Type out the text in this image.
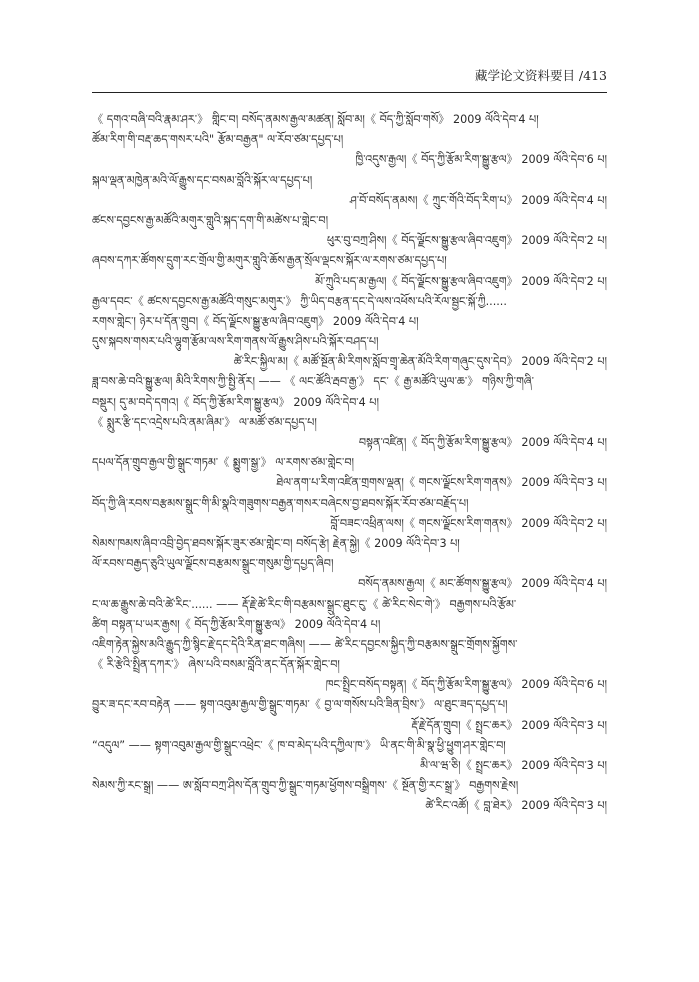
藏学论文资料要目 /413
《 དགའ་བཞི་བའི་རྣམ་ཤར་》 གླིང་བ། བསོད་ནམས་རྒྱལ་མཚན། སློབ་མ།《 བོད་ཀྱི་སློབ་གསོ》 2009 ལོའི་དེབ་4 པ།
ཚོམ་རིག་གི་བརྡ་ཆད་གསར་པའི" རྩོམ་བརྒྱན" ལ་རོབ་ཙམ་དཔྱད་པ།
ཁྱི་འདུས་རྒྱལ།《 བོད་ཀྱི་རྩོམ་རིག་སྒྱུ་རྩལ》 2009 ལོའི་དེབ་6 པ།
སྐལ་ལྡན་མཁྱེན་མའི་ལོ་རྒྱུས་དང་བསམ་བློའི་སྐོར་ལ་དཔྱད་པ།
ཤ་བོ་བསོད་ནམས།《 ཀྲུང་གོའི་བོད་རིག་པ》 2009 ལོའི་དེབ་4 པ།
ཚངས་དབྱངས་རྒྱ་མཚོའི་མགུར་གླུའི་སྐད་དག་གི་མཚེས་པ་གླེང་བ།
ཕུར་བུ་བཀྲ་ཤིས།《 བོད་ལྗོངས་སྒྱུ་རྩལ་ཞིབ་འཇུག》 2009 ལོའི་དེབ་2 པ།
ཞབས་དཀར་ཚོགས་དྲུག་རང་གྲོལ་གྱི་མགུར་གླུའི་ཆོས་རྒྱན་སྲོལ་ལྡངས་སྐོར་ལ་རགས་ཙམ་དཔྱད་པ།
མོ་ཀྲུའི་པད་མ་རྒྱལ།《 བོད་ལྗོངས་སྒྱུ་རྩལ་ཞིབ་འཇུག》 2009 ལོའི་དེབ་2 པ།
རྒྱལ་དབང་《 ཚངས་དབྱངས་རྒྱ་མཚོའི་གསུང་མགུར་》 ཀྱི་ཡིད་བརྩན་དང་དེ་ལས་འཕོས་པའི་རོལ་སྦྱང་སྐོ་ཀྱི......
རགས་གླེང་། ཉེར་པ་དོན་གྲུབ།《 བོད་ལྗོངས་སྒྱུ་རྩལ་ཞིབ་འཇུག》 2009 ལོའི་དེབ་4 པ།
དུས་སྐབས་གསར་པའི་ལྷུག་རྩོམ་ལས་རིག་གནས་ལོ་རྒྱུས་ཤིས་པའི་སྐོར་བཤད་པ།
ཚེ་རིང་སྐྱིལ་མ།《 མཚོ་སྔོན་མི་རིགས་སློབ་གྲྭ་ཆེན་མོའི་རིག་གཞུང་དུས་དེབ》 2009 ལོའི་དེབ་2 པ།
ཟླ་བས་ཆེ་བའི་སྒྱུ་རྩལ། མིའི་རིགས་ཀྱི་སྤྱི་ནོར། —— 《 ལང་ཚོའི་རྦབ་རྒྱ་》 དང་《 རྒྱ་མཚོའི་ཡུལ་ཆ་》 གཉིས་ཀྱི་གཞི་
བསྡུར། དུ་མ་བདེ་དགའ།《 བོད་ཀྱི་རྩོམ་རིག་སྒྱུ་རྩལ》 2009 ལོའི་དེབ་4 པ།
《 སྨུར་རྩི་དང་འདྲེས་པའི་ནམ་ཞིམ་》 ལ་མཚོ་ཙམ་དཔྱད་པ།
བསྟན་འཛིན།《 བོད་ཀྱི་རྩོམ་རིག་སྒྱུ་རྩལ》 2009 ལོའི་དེབ་4 པ།
དཔལ་དོན་གྲུབ་རྒྱལ་གྱི་སྒྲུང་གཏམ་《 སྨྱུག་སྒྱ་》 ལ་རགས་ཙམ་གླེང་བ།
ཐེལ་ནག་པ་རིག་འཛིན་གྲགས་ལྡན།《 གངས་ལྗོངས་རིག་གནས》 2009 ལོའི་དེབ་3 པ།
བོད་ཀྱི་ཞི་རབས་བརྩམས་སྒྲུང་གི་མི་སྣའི་གཟུགས་བརྒྱན་གསར་བཞེངས་བྱ་ཐབས་སྐོར་རོབ་ཙམ་བརྗོད་པ།
བློ་བཟང་འཕྲིན་ལས།《 གངས་ལྗོངས་རིག་གནས》 2009 ལོའི་དེབ་2 པ།
སེམས་ཁམས་ཞིབ་འབྲི་བྱེད་ཐབས་སྐོར་ཟུར་ཙམ་གླེང་བ། བསོད་རྩེ། རྗེན་སྐྱེ།《 2009 ལོའི་དེབ་3 པ།
ལོ་རབས་བརྒྱད་ཅུའི་ཡུལ་ལྗོངས་བརྩམས་སྒྲུང་གསུམ་གྱི་དཔྱད་ཞིབ།
བསོད་ནམས་རྒྱལ།《 མང་ཚོགས་སྒྱུ་རྩལ》 2009 ལོའི་དེབ་4 པ།
ང་ལ་ཆ་རྒྱུས་ཆེ་བའི་ཚེ་རིང་...... —— རྡོ་རྗེ་ཚེ་རིང་གི་བརྩམས་སྒྲུང་ཐུང་ངུ་《 ཚེ་རིང་སེང་གེ་》 བརྒྱགས་པའི་རྩོམ་
ཚིག བསྟན་པ་ཡར་རྒྱས།《 བོད་ཀྱི་རྩོམ་རིག་སྒྱུ་རྩལ》 2009 ལོའི་དེབ་4 པ།
འཇིག་རྟེན་སྐྱེས་མའི་རྒྱུད་ཀྱི་སྙིང་རྗེ་དང་དེའི་རིན་ཐང་གཞིས། —— ཚེ་རིང་དབྱངས་སྐྱིད་ཀྱི་བརྩམས་སྒྲུང་གྲོགས་སྐྱོགས་
《 རི་རྩེའི་སྤྲིན་དཀར་》 ཞེས་པའི་བསམ་བློའི་ནང་དོན་སྐོར་གླེང་བ།
ཁང་སྤྲིང་བསོད་བསྟན།《 བོད་ཀྱི་རྩོམ་རིག་སྒྱུ་རྩལ》 2009 ལོའི་དེབ་6 པ།
བྱུར་ཟ་དང་རབ་བརྟེན —— སྟག་འབུམ་རྒྱལ་གྱི་སྒྲུང་གཏམ་《 བྱ་ལ་གསོས་པའི་ཟིན་བྲིས་》 ལ་ཐུང་ཟད་དཔྱད་པ།
རྡོ་རྗེ་དོན་གྲུབ།《 སྤྲང་ཆར》 2009 ལོའི་དེབ་3 པ།
“འདུལ” —— སྟག་འབུམ་རྒྱལ་གྱི་སྒྲུང་འཕྲེང་《 ཁ་བ་མེད་པའི་དཀྱིལ་ཁ་》 ཡི་ནང་གི་མི་སྣ་ཕྱི་ཕྱུག་ཤར་གླེང་བ།
མི་ལ་ཝ་ཅི།《 སྤྲང་ཆར》 2009 ལོའི་དེབ་3 པ།
སེམས་ཀྱི་རང་སྒྲ། —— ཨ་སློབ་བཀྲ་ཤིས་དོན་གྲུབ་ཀྱི་སྒྲུང་གཏམ་ཕྱོགས་བསྒྲིགས་《 སྔོན་གྱི་རང་སྒྲ་》 བརྒྱགས་རྗེས།
ཚེ་རིང་འཚོ།《 བླ་ཐེར》 2009 ལོའི་དེབ་3 པ།
